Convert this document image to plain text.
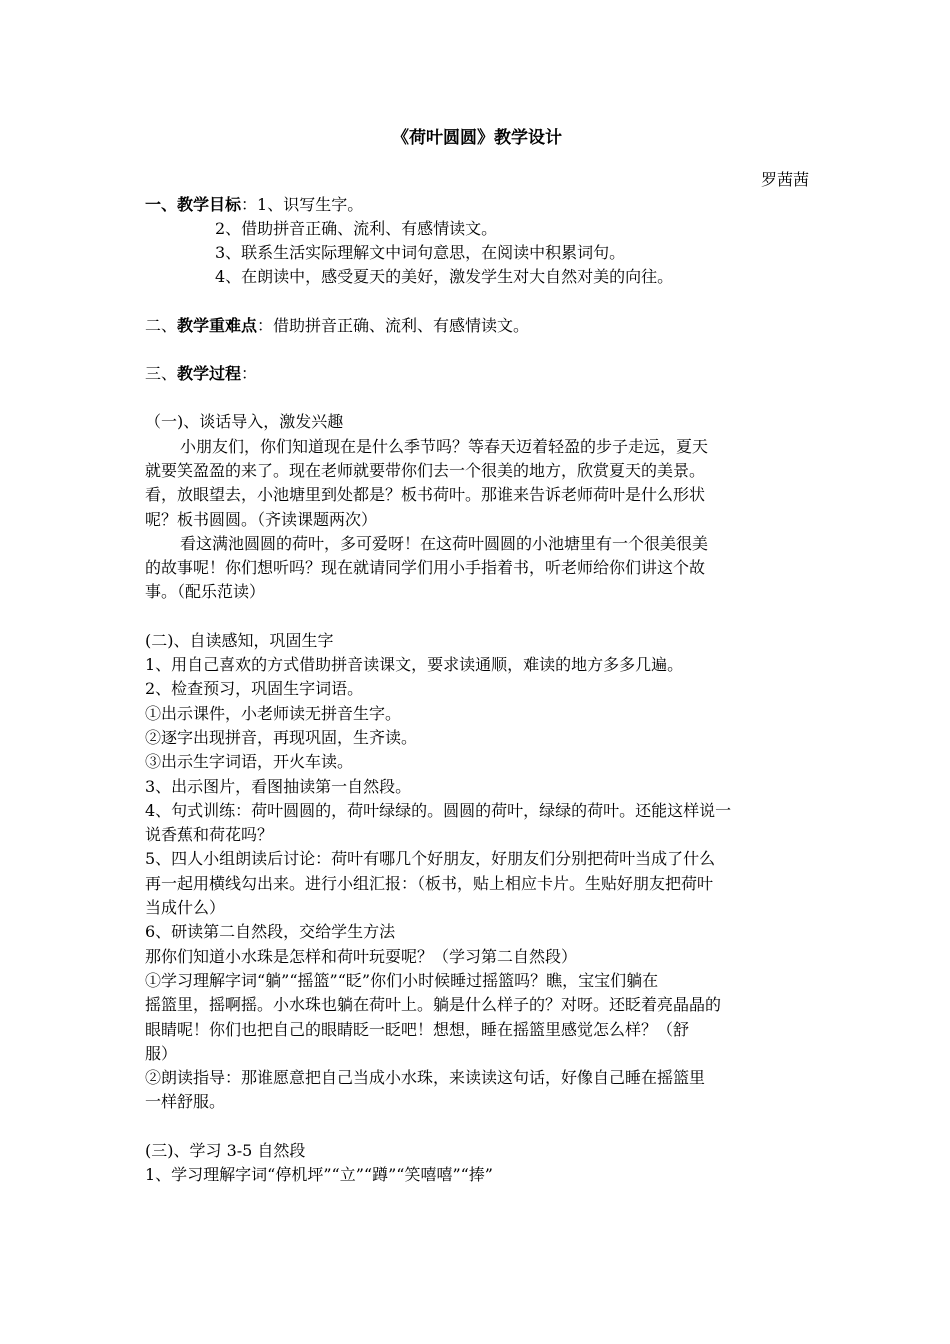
《荷叶圆圆》教学设计

罗茜茜

一、教学目标：1、识写生字。

2、借助拼音正确、流利、有感情读文。

3、联系生活实际理解文中词句意思，在阅读中积累词句。

4、在朗读中，感受夏天的美好，激发学生对大自然对美的向往。

二、教学重难点：借助拼音正确、流利、有感情读文。

三、教学过程：

（一)、谈话导入，激发兴趣

小朋友们，你们知道现在是什么季节吗？等春天迈着轻盈的步子走远，夏天

就要笑盈盈的来了。现在老师就要带你们去一个很美的地方，欣赏夏天的美景。

看，放眼望去，小池塘里到处都是？板书荷叶。那谁来告诉老师荷叶是什么形状

呢？板书圆圆。（齐读课题两次）

看这满池圆圆的荷叶，多可爱呀！在这荷叶圆圆的小池塘里有一个很美很美

的故事呢！你们想听吗？现在就请同学们用小手指着书，听老师给你们讲这个故

事。（配乐范读）

(二)、自读感知，巩固生字

1、用自己喜欢的方式借助拼音读课文，要求读通顺，难读的地方多多几遍。

2、检查预习，巩固生字词语。

①出示课件，小老师读无拼音生字。

②逐字出现拼音，再现巩固，生齐读。

③出示生字词语，开火车读。

3、出示图片，看图抽读第一自然段。

4、句式训练：荷叶圆圆的，荷叶绿绿的。圆圆的荷叶，绿绿的荷叶。还能这样说一

说香蕉和荷花吗？

5、四人小组朗读后讨论：荷叶有哪几个好朋友，好朋友们分别把荷叶当成了什么

再一起用横线勾出来。进行小组汇报：（板书，贴上相应卡片。生贴好朋友把荷叶

当成什么）

6、研读第二自然段，交给学生方法

那你们知道小水珠是怎样和荷叶玩耍呢？（学习第二自然段）

①学习理解字词“躺”“摇篮”“眨”你们小时候睡过摇篮吗？瞧，宝宝们躺在

摇篮里，摇啊摇。小水珠也躺在荷叶上。躺是什么样子的？对呀。还眨着亮晶晶的

眼睛呢！你们也把自己的眼睛眨一眨吧！想想，睡在摇篮里感觉怎么样？（舒

服）

②朗读指导：那谁愿意把自己当成小水珠，来读读这句话，好像自己睡在摇篮里

一样舒服。

(三)、学习 3-5 自然段

1、学习理解字词“停机坪”“立”“蹲”“笑嘻嘻”“捧”
